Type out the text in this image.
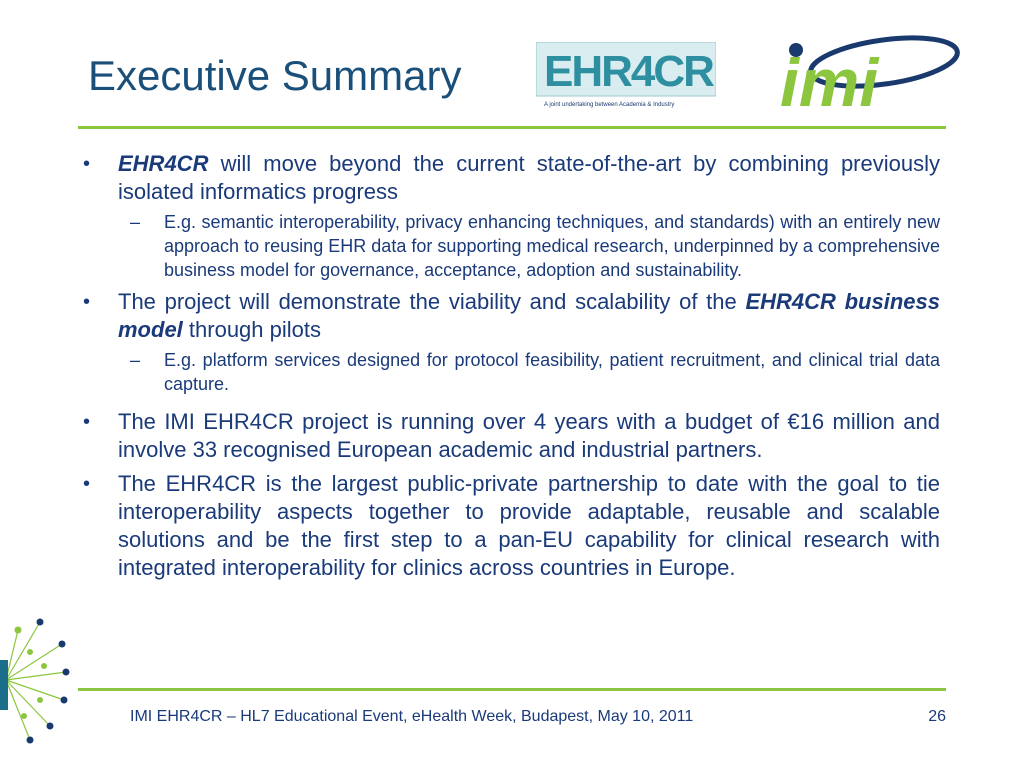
Executive Summary EHR4CR
A joint undertaking between Academia & Industry imi
• EHR4CR will move beyond the current state-of-the-art by combining previously isolated informatics progress
– E.g. semantic interoperability, privacy enhancing techniques, and standards) with an entirely new approach to reusing EHR data for supporting medical research, underpinned by a comprehensive business model for governance, acceptance, adoption and sustainability.
• The project will demonstrate the viability and scalability of the EHR4CR business model through pilots
– E.g. platform services designed for protocol feasibility, patient recruitment, and clinical trial data capture.
• The IMI EHR4CR project is running over 4 years with a budget of €16 million and involve 33 recognised European academic and industrial partners.
• The EHR4CR is the largest public-private partnership to date with the goal to tie interoperability aspects together to provide adaptable, reusable and scalable solutions and be the first step to a pan-EU capability for clinical research with integrated interoperability for clinics across countries in Europe.
IMI EHR4CR – HL7 Educational Event, eHealth Week, Budapest, May 10, 2011	26
